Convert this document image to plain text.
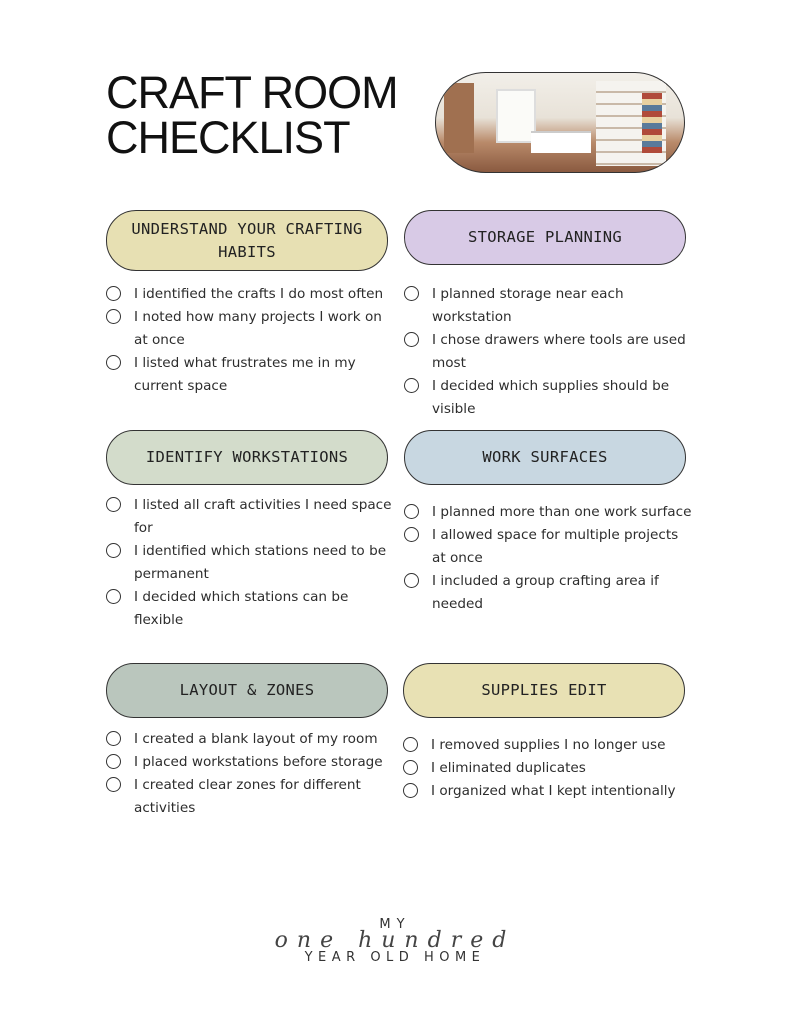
CRAFT ROOM
CHECKLIST
UNDERSTAND YOUR CRAFTING HABITS
I identified the crafts I do most often
I noted how many projects I work on at once
I listed what frustrates me in my current space
STORAGE PLANNING
I planned storage near each workstation
I chose drawers where tools are used most
I decided which supplies should be visible
IDENTIFY WORKSTATIONS
I listed all craft activities I need space for
I identified which stations need to be permanent
I decided which stations can be flexible
WORK SURFACES
I planned more than one work surface
I allowed space for multiple projects at once
I included a group crafting area if needed
LAYOUT & ZONES
I created a blank layout of my room
I placed workstations before storage
I created clear zones for different activities
SUPPLIES EDIT
I removed supplies I no longer use
I eliminated duplicates
I organized what I kept intentionally
MY
one hundred
YEAR OLD HOME
